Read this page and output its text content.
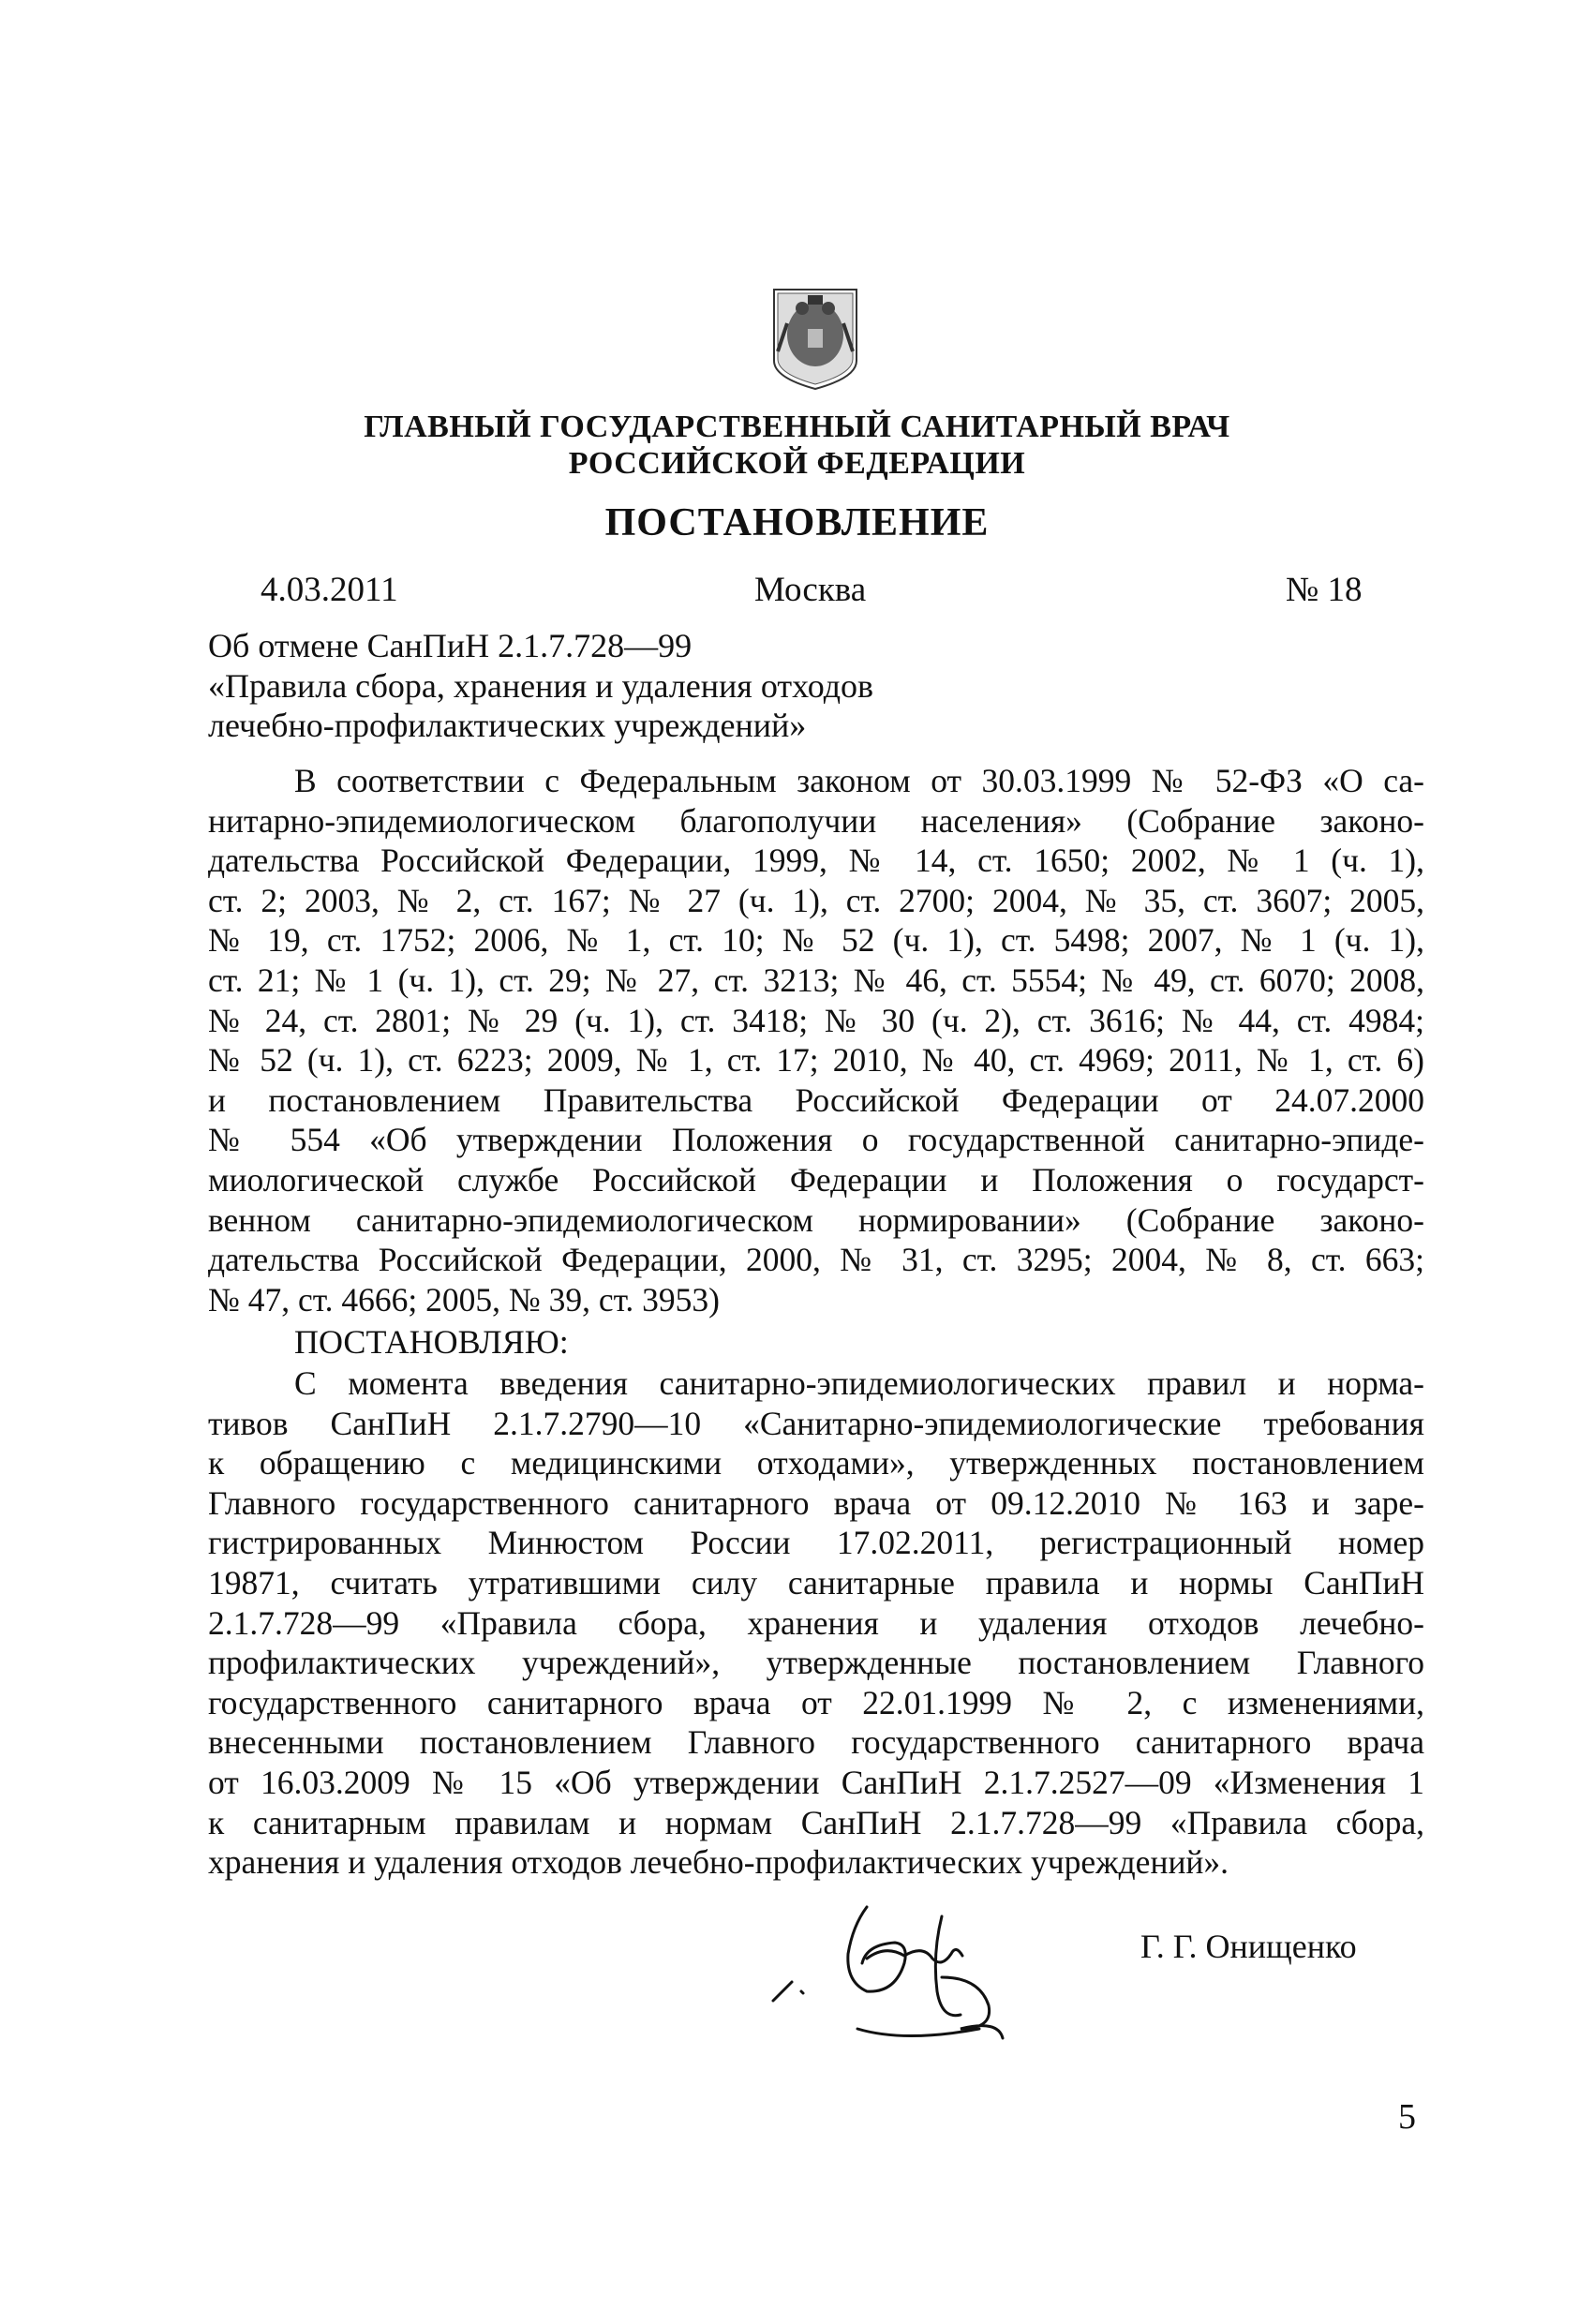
ГЛАВНЫЙ ГОСУДАРСТВЕННЫЙ САНИТАРНЫЙ ВРАЧ
РОССИЙСКОЙ ФЕДЕРАЦИИ
ПОСТАНОВЛЕНИЕ
4.03.2011	Москва	№ 18
Об отмене СанПиН 2.1.7.728—99
«Правила сбора, хранения и удаления отходов
лечебно-профилактических учреждений»
В соответствии с Федеральным законом от 30.03.1999 № 52-ФЗ «О са-
нитарно-эпидемиологическом благополучии населения» (Собрание законо-
дательства Российской Федерации, 1999, № 14, ст. 1650; 2002, № 1 (ч. 1),
ст. 2; 2003, № 2, ст. 167; № 27 (ч. 1), ст. 2700; 2004, № 35, ст. 3607; 2005,
№ 19, ст. 1752; 2006, № 1, ст. 10; № 52 (ч. 1), ст. 5498; 2007, № 1 (ч. 1),
ст. 21; № 1 (ч. 1), ст. 29; № 27, ст. 3213; № 46, ст. 5554; № 49, ст. 6070; 2008,
№ 24, ст. 2801; № 29 (ч. 1), ст. 3418; № 30 (ч. 2), ст. 3616; № 44, ст. 4984;
№ 52 (ч. 1), ст. 6223; 2009, № 1, ст. 17; 2010, № 40, ст. 4969; 2011, № 1, ст. 6)
и постановлением Правительства Российской Федерации от 24.07.2000
№ 554 «Об утверждении Положения о государственной санитарно-эпиде-
миологической службе Российской Федерации и Положения о государст-
венном санитарно-эпидемиологическом нормировании» (Собрание законо-
дательства Российской Федерации, 2000, № 31, ст. 3295; 2004, № 8, ст. 663;
№ 47, ст. 4666; 2005, № 39, ст. 3953)
ПОСТАНОВЛЯЮ:
С момента введения санитарно-эпидемиологических правил и норма-
тивов СанПиН 2.1.7.2790—10 «Санитарно-эпидемиологические требования
к обращению с медицинскими отходами», утвержденных постановлением
Главного государственного санитарного врача от 09.12.2010 № 163 и заре-
гистрированных Минюстом России 17.02.2011, регистрационный номер
19871, считать утратившими силу санитарные правила и нормы СанПиН
2.1.7.728—99 «Правила сбора, хранения и удаления отходов лечебно-
профилактических учреждений», утвержденные постановлением Главного
государственного санитарного врача от 22.01.1999 № 2, с изменениями,
внесенными постановлением Главного государственного санитарного врача
от 16.03.2009 № 15 «Об утверждении СанПиН 2.1.7.2527—09 «Изменения 1
к санитарным правилам и нормам СанПиН 2.1.7.728—99 «Правила сбора,
хранения и удаления отходов лечебно-профилактических учреждений».
Г. Г. Онищенко
5
